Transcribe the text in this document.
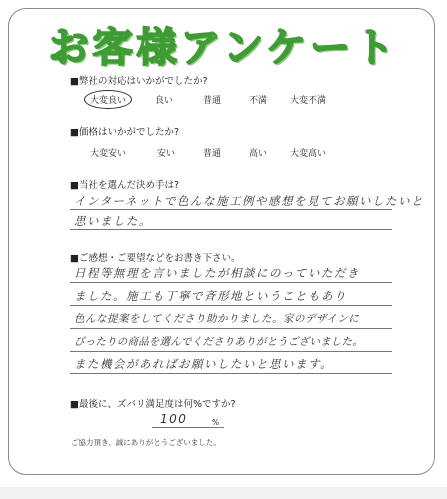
お客様アンケート
■弊社の対応はいかがでしたか?
大変良い	良い	普通	不満	大変不満
■価格はいかがでしたか?
大変安い	安い	普通	高い	大変高い
■当社を選んだ決め手は?
インターネットで色んな施工例や感想を見てお願いしたいと
思いました。
■ご感想・ご要望などをお書き下さい。
日程等無理を言いましたが相談にのっていただき
ました。施工も丁寧で斉形地ということもあり
色んな提案をしてくださり助かりました。家のデザインに
ぴったりの商品を選んでくださりありがとうございました。
また機会があればお願いしたいと思います。
■最後に、ズバリ満足度は何%ですか?
100	%
ご協力頂き、誠にありがとうございました。
